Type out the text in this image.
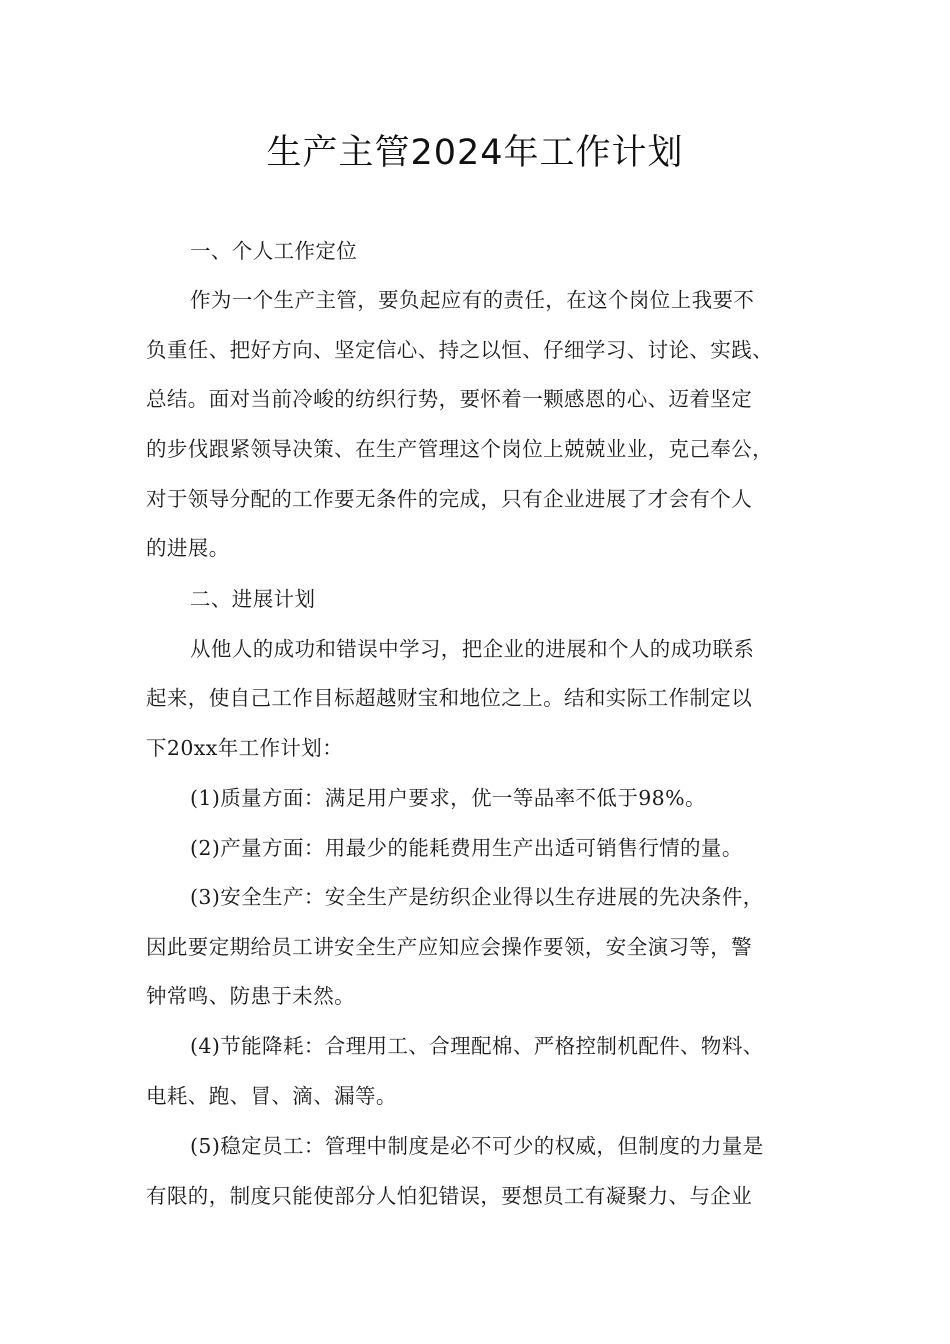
生产主管2024年工作计划
一、个人工作定位
作为一个生产主管，要负起应有的责任，在这个岗位上我要不
负重任、把好方向、坚定信心、持之以恒、仔细学习、讨论、实践、
总结。面对当前冷峻的纺织行势，要怀着一颗感恩的心、迈着坚定
的步伐跟紧领导决策、在生产管理这个岗位上兢兢业业，克己奉公，
对于领导分配的工作要无条件的完成，只有企业进展了才会有个人
的进展。
二、进展计划
从他人的成功和错误中学习，把企业的进展和个人的成功联系
起来，使自己工作目标超越财宝和地位之上。结和实际工作制定以
下20xx年工作计划：
(1)质量方面：满足用户要求，优一等品率不低于98%。
(2)产量方面：用最少的能耗费用生产出适可销售行情的量。
(3)安全生产：安全生产是纺织企业得以生存进展的先决条件，
因此要定期给员工讲安全生产应知应会操作要领，安全演习等，警
钟常鸣、防患于未然。
(4)节能降耗：合理用工、合理配棉、严格控制机配件、物料、
电耗、跑、冒、滴、漏等。
(5)稳定员工：管理中制度是必不可少的权威，但制度的力量是
有限的，制度只能使部分人怕犯错误，要想员工有凝聚力、与企业
